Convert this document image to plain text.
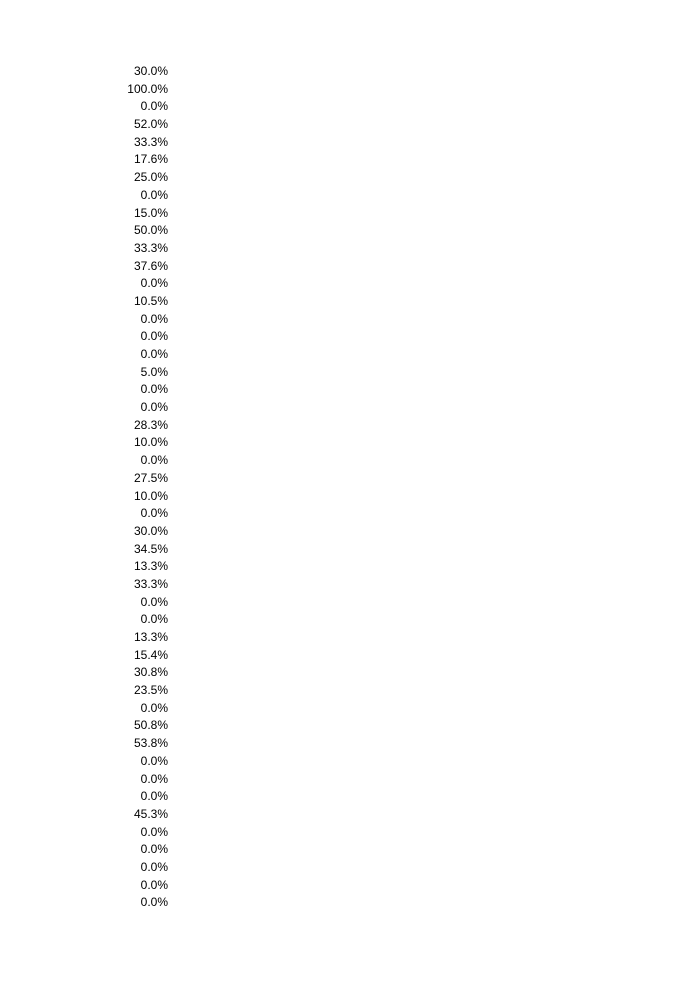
30.0%
100.0%
0.0%
52.0%
33.3%
17.6%
25.0%
0.0%
15.0%
50.0%
33.3%
37.6%
0.0%
10.5%
0.0%
0.0%
0.0%
5.0%
0.0%
0.0%
28.3%
10.0%
0.0%
27.5%
10.0%
0.0%
30.0%
34.5%
13.3%
33.3%
0.0%
0.0%
13.3%
15.4%
30.8%
23.5%
0.0%
50.8%
53.8%
0.0%
0.0%
0.0%
45.3%
0.0%
0.0%
0.0%
0.0%
0.0%
